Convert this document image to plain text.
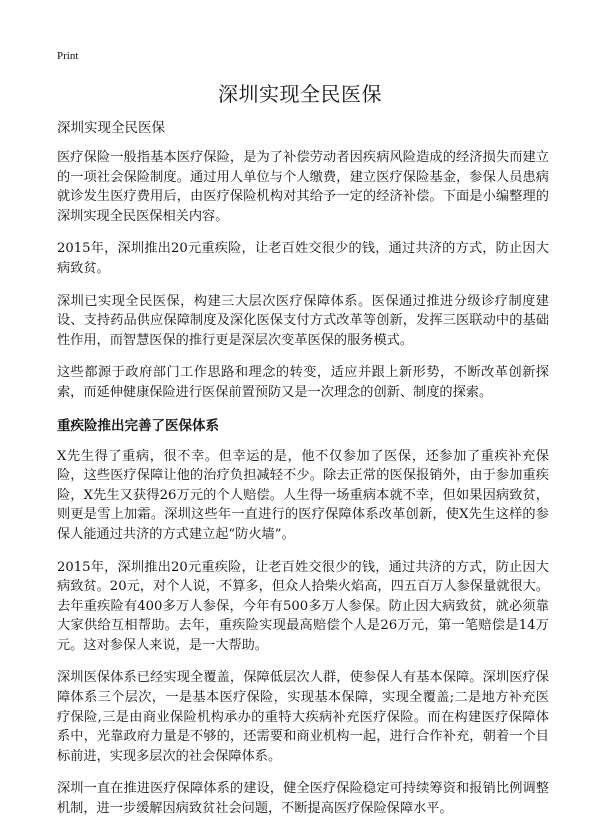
Print
深圳实现全民医保
深圳实现全民医保

医疗保险一般指基本医疗保险，是为了补偿劳动者因疾病风险造成的经济损失而建立的一项社会保险制度。通过用人单位与个人缴费，建立医疗保险基金，参保人员患病就诊发生医疗费用后，由医疗保险机构对其给予一定的经济补偿。下面是小编整理的深圳实现全民医保相关内容。

2015年，深圳推出20元重疾险，让老百姓交很少的钱，通过共济的方式，防止因大病致贫。

深圳已实现全民医保，构建三大层次医疗保障体系。医保通过推进分级诊疗制度建设、支持药品供应保障制度及深化医保支付方式改革等创新，发挥三医联动中的基础性作用，而智慧医保的推行更是深层次变革医保的服务模式。

这些都源于政府部门工作思路和理念的转变，适应并跟上新形势，不断改革创新探索，而延伸健康保险进行医保前置预防又是一次理念的创新、制度的探索。

重疾险推出完善了医保体系

X先生得了重病，很不幸。但幸运的是，他不仅参加了医保，还参加了重疾补充保险，这些医疗保障让他的治疗负担减轻不少。除去正常的医保报销外，由于参加重疾险，X先生又获得26万元的个人赔偿。人生得一场重病本就不幸，但如果因病致贫，则更是雪上加霜。深圳这些年一直进行的医疗保障体系改革创新，使X先生这样的参保人能通过共济的方式建立起“防火墙”。

2015年，深圳推出20元重疾险，让老百姓交很少的钱，通过共济的方式，防止因大病致贫。20元，对个人说，不算多，但众人拾柴火焰高，四五百万人参保量就很大。去年重疾险有400多万人参保，今年有500多万人参保。防止因大病致贫，就必须靠大家供给互相帮助。去年，重疾险实现最高赔偿个人是26万元，第一笔赔偿是14万元。这对参保人来说，是一大帮助。

深圳医保体系已经实现全覆盖，保障低层次人群，使参保人有基本保障。深圳医疗保障体系三个层次，一是基本医疗保险，实现基本保障，实现全覆盖;二是地方补充医疗保险,三是由商业保险机构承办的重特大疾病补充医疗保险。而在构建医疗保障体系中，光靠政府力量是不够的，还需要和商业机构一起，进行合作补充，朝着一个目标前进，实现多层次的社会保障体系。

深圳一直在推进医疗保障体系的建设，健全医疗保险稳定可持续筹资和报销比例调整机制，进一步缓解因病致贫社会问题，不断提高医疗保险保障水平。
